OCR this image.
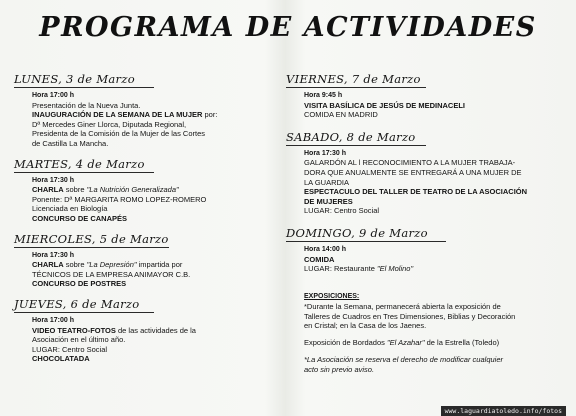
PROGRAMA DE ACTIVIDADES
LUNES, 3 de Marzo
Hora 17:00 h
Presentación de la Nueva Junta.
INAUGURACIÓN DE LA SEMANA DE LA MUJER por:
Dª Mercedes Giner Llorca, Diputada Regional,
Presidenta de la Comisión de la Mujer de las Cortes
de Castilla La Mancha.
MARTES, 4 de Marzo
Hora 17:30 h
CHARLA sobre "La Nutrición Generalizada"
Ponente: Dª MARGARITA ROMO LOPEZ-ROMERO
Licenciada en Biología
CONCURSO DE CANAPÉS
MIERCOLES, 5 de Marzo
Hora 17:30 h
CHARLA sobre "La Depresión" impartida por
TÉCNICOS DE LA EMPRESA ANIMAYOR C.B.
CONCURSO DE POSTRES
JUEVES, 6 de Marzo
Hora 17:00 h
VIDEO TEATRO-FOTOS de las actividades de la
Asociación en el último año.
LUGAR: Centro Social
CHOCOLATADA
VIERNES, 7 de Marzo
Hora 9:45 h
VISITA BASÍLICA DE JESÚS DE MEDINACELI
COMIDA EN MADRID
SABADO, 8 de Marzo
Hora 17:30 h
GALARDÓN AL l RECONOCIMIENTO A LA MUJER TRABAJA-
DORA QUE ANUALMENTE SE ENTREGARÁ A UNA MUJER DE
LA GUARDIA
ESPECTACULO DEL TALLER DE TEATRO DE LA ASOCIACIÓN
DE MUJERES
LUGAR: Centro Social
DOMINGO, 9 de Marzo
Hora 14:00 h
COMIDA
LUGAR: Restaurante "El Molino"
EXPOSICIONES:
*Durante la Semana, permanecerá abierta la exposición de
Talleres de Cuadros en Tres Dimensiones, Biblias y Decoración
en Cristal; en la Casa de los Jaenes.
Exposición de Bordados "El Azahar" de la Estrella (Toledo)
*La Asociación se reserva el derecho de modificar cualquier
acto sin previo aviso.
www.laguardiatoledo.info/fotos
